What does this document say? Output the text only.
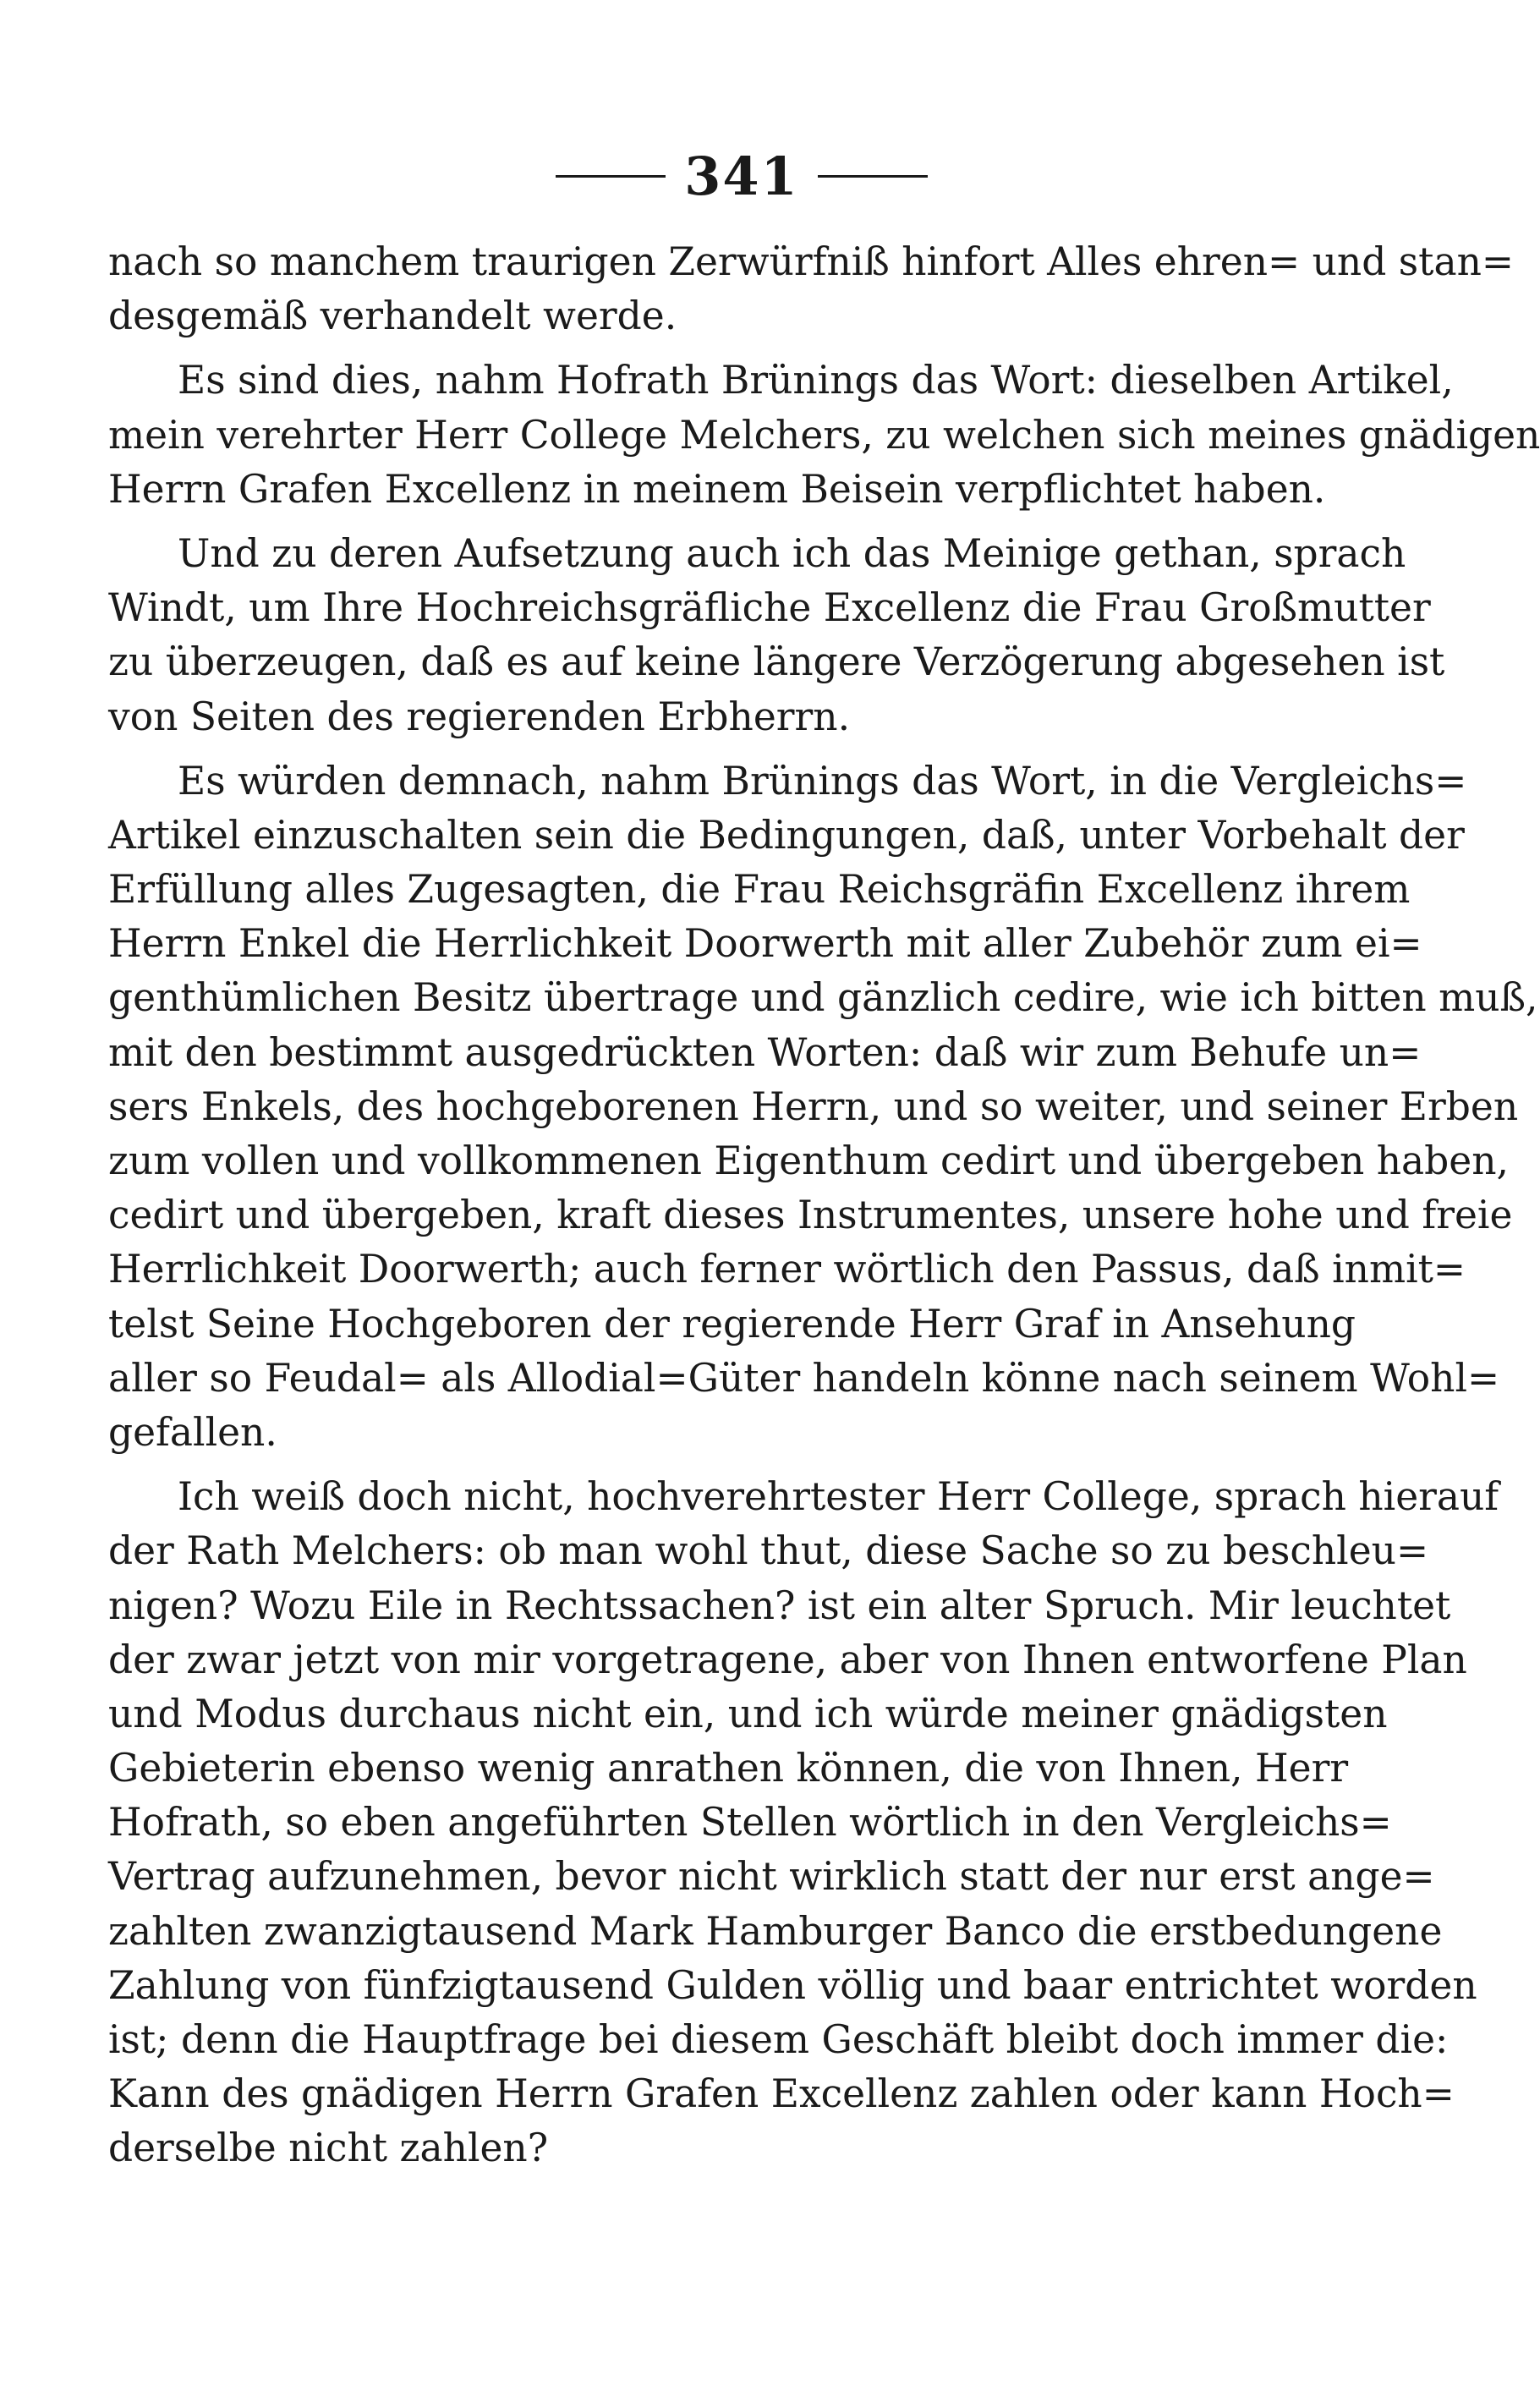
341
nach so manchem traurigen Zerwürfniß hinfort Alles ehren= und stan=
desgemäß verhandelt werde.
Es sind dies, nahm Hofrath Brünings das Wort: dieselben Artikel,
mein verehrter Herr College Melchers, zu welchen sich meines gnädigen
Herrn Grafen Excellenz in meinem Beisein verpflichtet haben.
Und zu deren Aufsetzung auch ich das Meinige gethan, sprach
Windt, um Ihre Hochreichsgräfliche Excellenz die Frau Großmutter
zu überzeugen, daß es auf keine längere Verzögerung abgesehen ist
von Seiten des regierenden Erbherrn.
Es würden demnach, nahm Brünings das Wort, in die Vergleichs=
Artikel einzuschalten sein die Bedingungen, daß, unter Vorbehalt der
Erfüllung alles Zugesagten, die Frau Reichsgräfin Excellenz ihrem
Herrn Enkel die Herrlichkeit Doorwerth mit aller Zubehör zum ei=
genthümlichen Besitz übertrage und gänzlich cedire, wie ich bitten muß,
mit den bestimmt ausgedrückten Worten: daß wir zum Behufe un=
sers Enkels, des hochgeborenen Herrn, und so weiter, und seiner Erben
zum vollen und vollkommenen Eigenthum cedirt und übergeben haben,
cedirt und übergeben, kraft dieses Instrumentes, unsere hohe und freie
Herrlichkeit Doorwerth; auch ferner wörtlich den Passus, daß inmit=
telst Seine Hochgeboren der regierende Herr Graf in Ansehung
aller so Feudal= als Allodial=Güter handeln könne nach seinem Wohl=
gefallen.
Ich weiß doch nicht, hochverehrtester Herr College, sprach hierauf
der Rath Melchers: ob man wohl thut, diese Sache so zu beschleu=
nigen? Wozu Eile in Rechtssachen? ist ein alter Spruch. Mir leuchtet
der zwar jetzt von mir vorgetragene, aber von Ihnen entworfene Plan
und Modus durchaus nicht ein, und ich würde meiner gnädigsten
Gebieterin ebenso wenig anrathen können, die von Ihnen, Herr
Hofrath, so eben angeführten Stellen wörtlich in den Vergleichs=
Vertrag aufzunehmen, bevor nicht wirklich statt der nur erst ange=
zahlten zwanzigtausend Mark Hamburger Banco die erstbedungene
Zahlung von fünfzigtausend Gulden völlig und baar entrichtet worden
ist; denn die Hauptfrage bei diesem Geschäft bleibt doch immer die:
Kann des gnädigen Herrn Grafen Excellenz zahlen oder kann Hoch=
derselbe nicht zahlen?
